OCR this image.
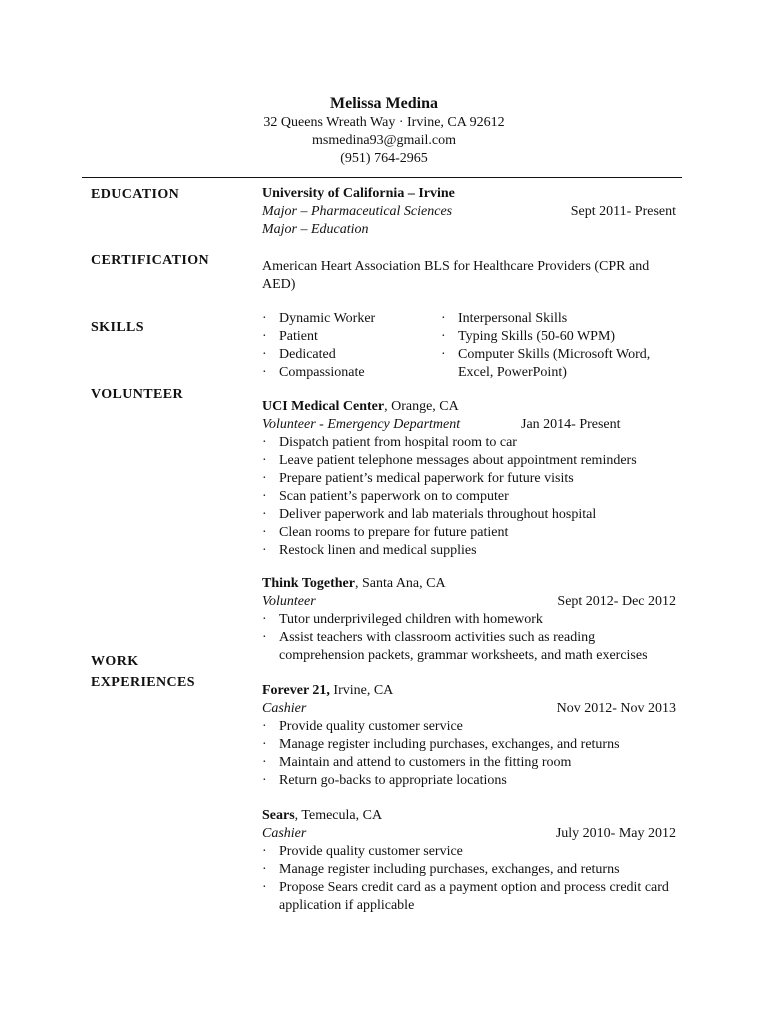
Melissa Medina
32 Queens Wreath Way · Irvine, CA 92612
msmedina93@gmail.com
(951) 764-2965
EDUCATION
CERTIFICATION
SKILLS
VOLUNTEER
WORK
EXPERIENCES
University of California – Irvine
Major – Pharmaceutical Sciences	Sept 2011- Present
Major – Education
American Heart Association BLS for Healthcare Providers (CPR and AED)
· Dynamic Worker
· Patient
· Dedicated
· Compassionate
· Interpersonal Skills
· Typing Skills (50-60 WPM)
· Computer Skills (Microsoft Word, Excel, PowerPoint)
UCI Medical Center, Orange, CA
Volunteer - Emergency Department	Jan 2014- Present
· Dispatch patient from hospital room to car
· Leave patient telephone messages about appointment reminders
· Prepare patient’s medical paperwork for future visits
· Scan patient’s paperwork on to computer
· Deliver paperwork and lab materials throughout hospital
· Clean rooms to prepare for future patient
· Restock linen and medical supplies
Think Together, Santa Ana, CA
Volunteer	Sept 2012- Dec 2012
· Tutor underprivileged children with homework
· Assist teachers with classroom activities such as reading comprehension packets, grammar worksheets, and math exercises
Forever 21, Irvine, CA
Cashier	Nov 2012- Nov 2013
· Provide quality customer service
· Manage register including purchases, exchanges, and returns
· Maintain and attend to customers in the fitting room
· Return go-backs to appropriate locations
Sears, Temecula, CA
Cashier	July 2010- May 2012
· Provide quality customer service
· Manage register including purchases, exchanges, and returns
· Propose Sears credit card as a payment option and process credit card application if applicable
